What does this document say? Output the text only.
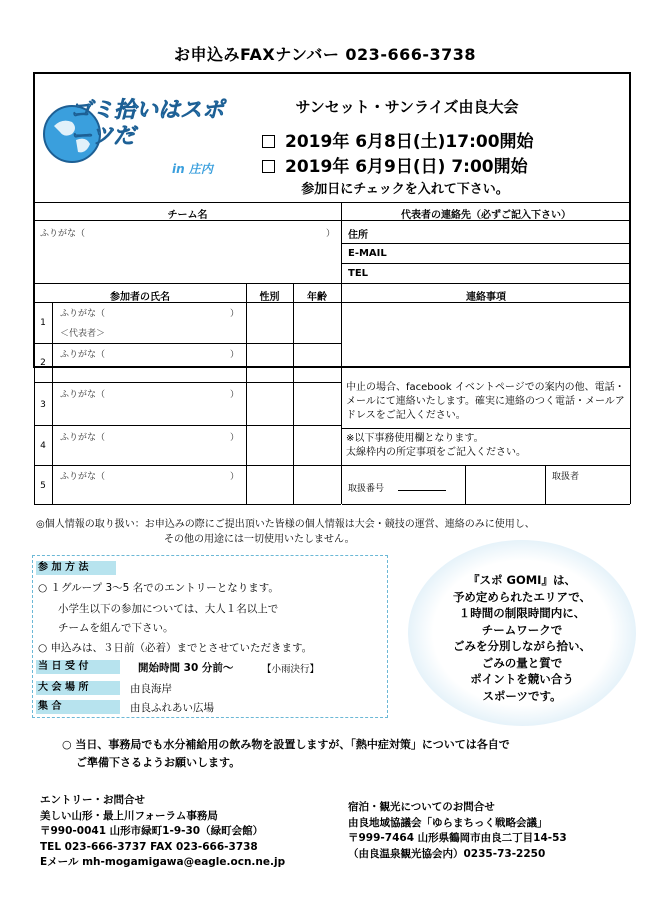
お申込みFAXナンバー 023-666-3738
ゴミ拾いはスポーツだ
in 庄内
サンセット・サンライズ由良大会
2019年 6月8日(土)17:00開始
2019年 6月9日(日) 7:00開始
参加日にチェックを入れて下さい。
チーム名	代表者の連絡先（必ずご記入下さい）
ふりがな（	） 住所
E-MAIL
TEL
参加者の氏名	性別	年齢	連絡事項
1
ふりがな（	）
＜代表者＞
2
ふりがな（	）
3
ふりがな（	）
4
ふりがな（	）
5
ふりがな（	）
中止の場合、facebook イベントページでの案内の他、電話・メールにて連絡いたします。確実に連絡のつく電話・メールアドレスをご記入ください。
※以下事務使用欄となります。
太線枠内の所定事項をご記入ください。
取扱番号
取扱者
◎個人情報の取り扱い：お申込みの際にご提出頂いた皆様の個人情報は大会・競技の運営、連絡のみに使用し、
その他の用途には一切使用いたしません。
参 加 方 法
○ １グループ 3～5 名でのエントリーとなります。
小学生以下の参加については、大人１名以上で
チームを組んで下さい。
○ 申込みは、３日前（必着）までとさせていただきます。
当 日 受 付	開始時間 30 分前～	【小雨決行】
大 会 場 所	由良海岸
集 合	由良ふれあい広場
『スポ GOMI』は、
予め定められたエリアで、
１時間の制限時間内に、
チームワークで
ごみを分別しながら拾い、
ごみの量と質で
ポイントを競い合う
スポーツです。
○ 当日、事務局でも水分補給用の飲み物を設置しますが、「熱中症対策」については各自で
ご準備下さるようお願いします。
エントリー・お問合せ
美しい山形・最上川フォーラム事務局
〒990-0041 山形市緑町1-9-30（緑町会館）
TEL 023-666-3737 FAX 023-666-3738
Eメール mh-mogamigawa@eagle.ocn.ne.jp
宿泊・観光についてのお問合せ
由良地域協議会「ゆらまちっく戦略会議」
〒999-7464 山形県鶴岡市由良二丁目14-53
（由良温泉観光協会内）0235-73-2250
